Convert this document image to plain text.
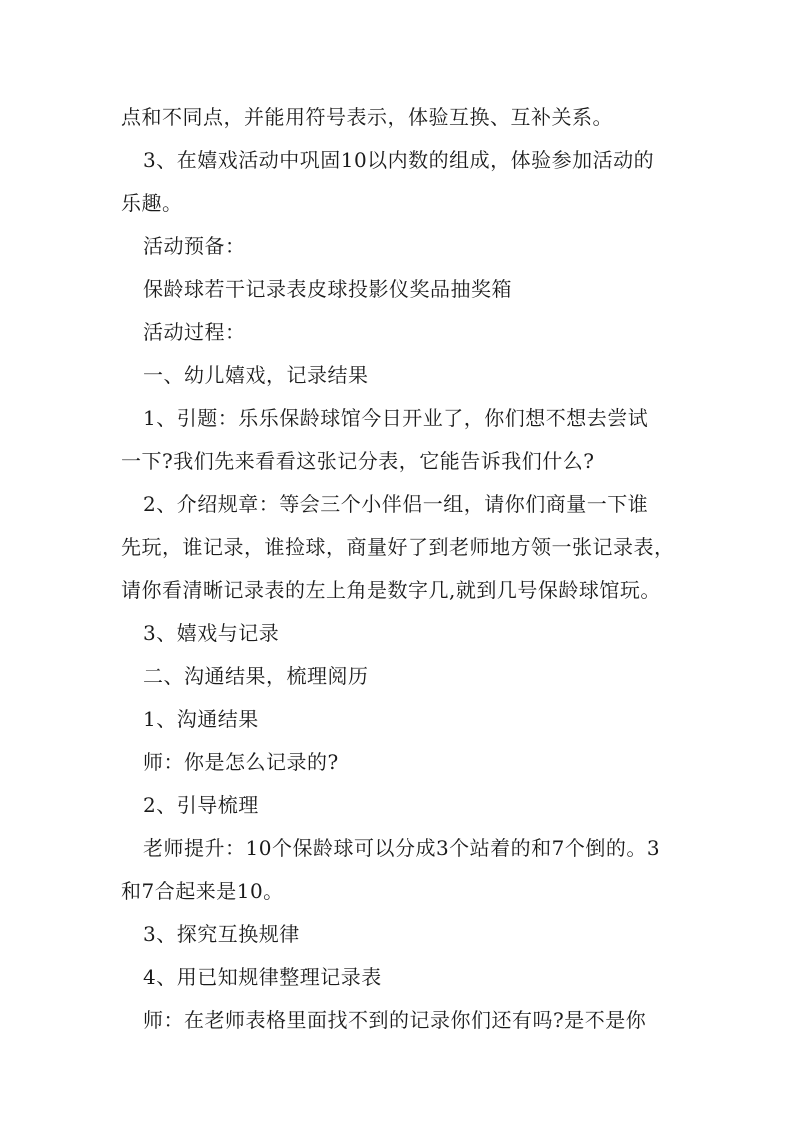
点和不同点，并能用符号表示，体验互换、互补关系。
3、在嬉戏活动中巩固10以内数的组成，体验参加活动的
乐趣。
活动预备：
保龄球若干记录表皮球投影仪奖品抽奖箱
活动过程：
一、幼儿嬉戏，记录结果
1、引题：乐乐保龄球馆今日开业了，你们想不想去尝试
一下?我们先来看看这张记分表，它能告诉我们什么?
2、介绍规章：等会三个小伴侣一组，请你们商量一下谁
先玩，谁记录，谁捡球，商量好了到老师地方领一张记录表，
请你看清晰记录表的左上角是数字几,就到几号保龄球馆玩。
3、嬉戏与记录
二、沟通结果，梳理阅历
1、沟通结果
师：你是怎么记录的?
2、引导梳理
老师提升：10个保龄球可以分成3个站着的和7个倒的。3
和7合起来是10。
3、探究互换规律
4、用已知规律整理记录表
师：在老师表格里面找不到的记录你们还有吗?是不是你
